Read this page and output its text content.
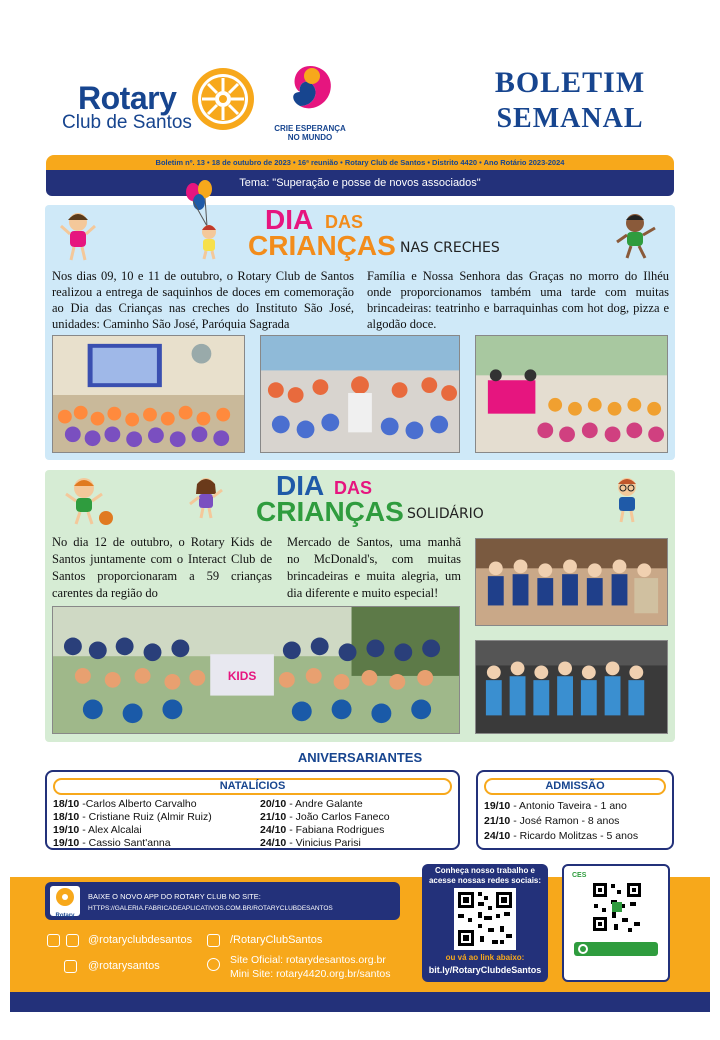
Rotary
Club de Santos	CRIE ESPERANÇA NO MUNDO
BOLETIM
SEMANAL
Boletim nº. 13 • 18 de outubro de 2023 • 16ª reunião • Rotary Club de Santos • Distrito 4420 • Ano Rotário 2023-2024
Tema: "Superação e posse de novos associados"
DIA DAS
CRIANÇAS NAS CRECHES
Nos dias 09, 10 e 11 de outubro, o Rotary Club de Santos realizou a entrega de saquinhos de doces em comemoração ao Dia das Crianças nas creches do Instituto São José, unidades: Caminho São José, Paróquia Sagrada
Família e Nossa Senhora das Graças no morro do Ilhéu onde proporcionamos também uma tarde com muitas brincadeiras: teatrinho e barraquinhas com hot dog, pizza e algodão doce.
DIA DAS
CRIANÇAS SOLIDÁRIO
No dia 12 de outubro, o Rotary Kids de Santos juntamente com o Interact Club de Santos proporcionaram a 59 crianças carentes da região do
Mercado de Santos, uma manhã no McDonald's, com muitas brincadeiras e muita alegria, um dia diferente e muito especial!
KIDS
ANIVERSARIANTES
NATALÍCIOS
18/10 -Carlos Alberto Carvalho
18/10 - Cristiane Ruiz (Almir Ruiz)
19/10 - Alex Alcalai
19/10 - Cassio Sant'anna
20/10 - Andre Galante
21/10 - João Carlos Faneco
24/10 - Fabiana Rodrigues
24/10 - Vinicius Parisi
ADMISSÃO
19/10 - Antonio Taveira - 1 ano
21/10 - José Ramon - 8 anos
24/10 - Ricardo Molitzas - 5 anos
Rotary
BAIXE O NOVO APP DO ROTARY CLUB NO SITE:
HTTPS://GALERIA.FABRICADEAPLICATIVOS.COM.BR/ROTARYCLUBDESANTOS

@rotaryclubdesantos
@rotarysantos
/RotaryClubSantos
Site Oficial: rotarydesantos.org.br
Mini Site: rotary4420.org.br/santos
Conheça nosso trabalho e acesse nossas redes sociais:
ou vá ao link abaixo:
bit.ly/RotaryClubdeSantos
CES
